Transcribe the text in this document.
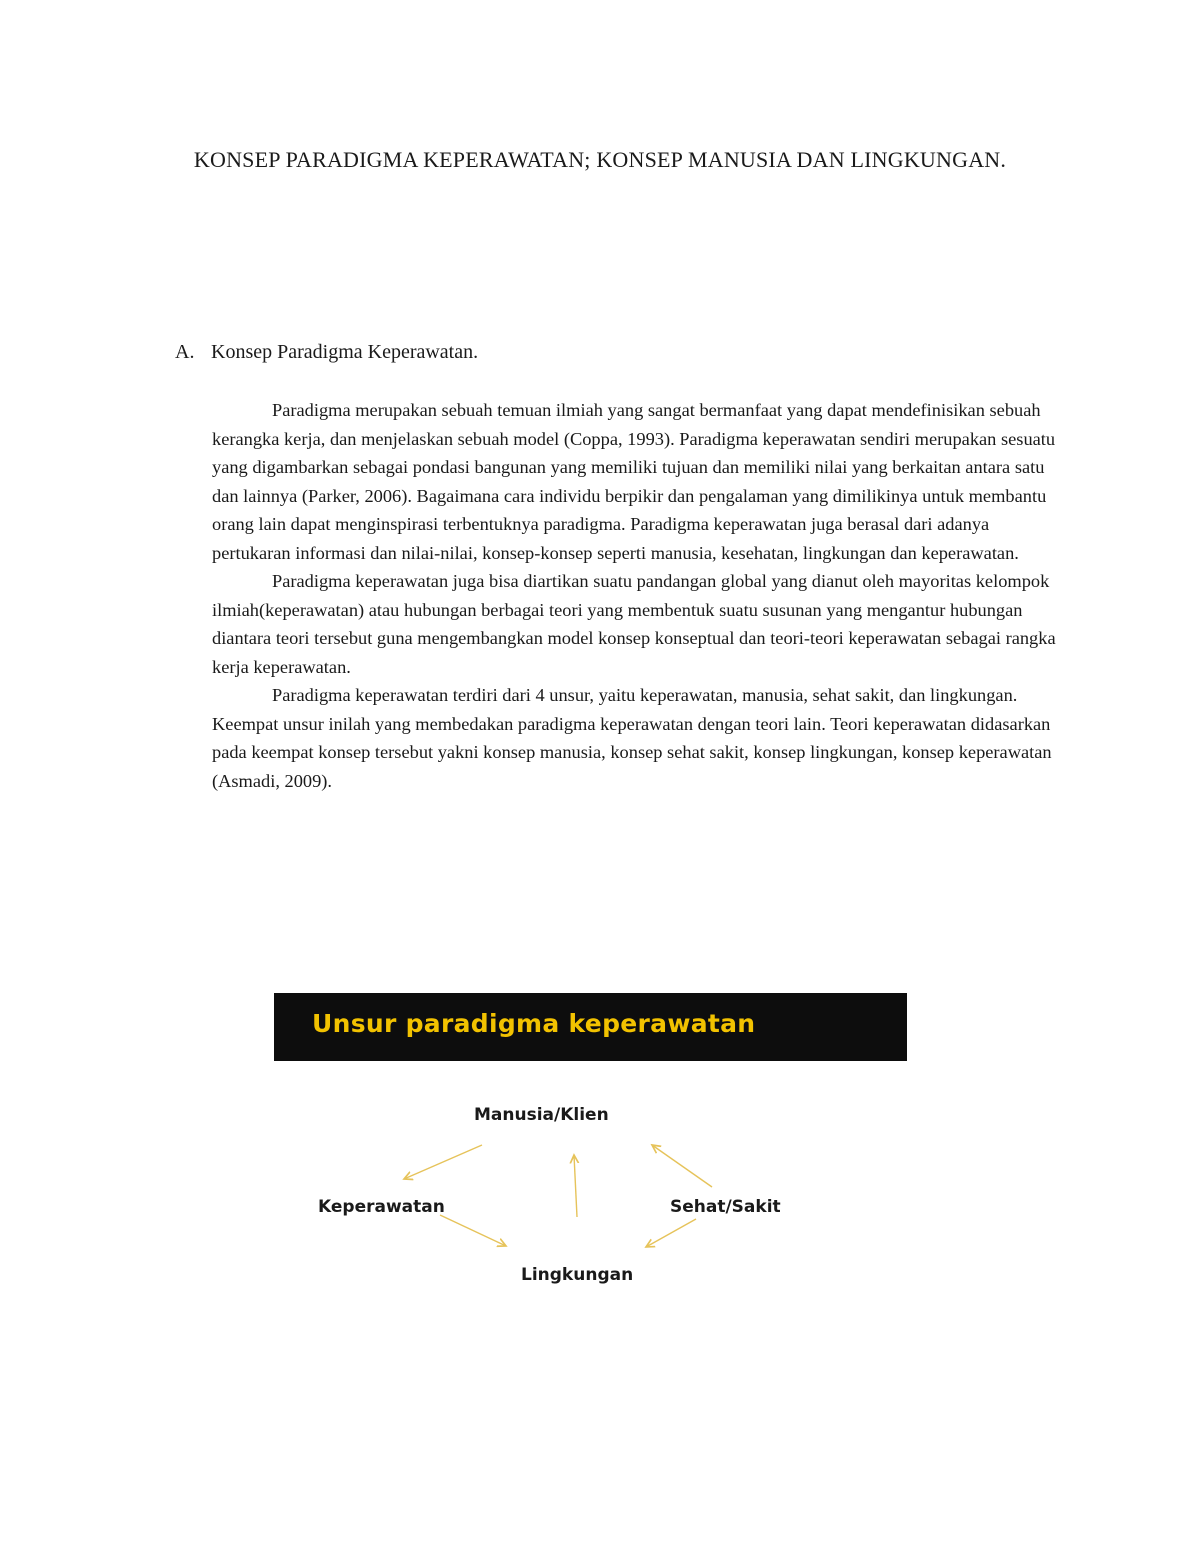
KONSEP PARADIGMA KEPERAWATAN; KONSEP MANUSIA DAN LINGKUNGAN.
A. Konsep Paradigma Keperawatan.

Paradigma merupakan sebuah temuan ilmiah yang sangat bermanfaat yang dapat mendefinisikan sebuah kerangka kerja, dan menjelaskan sebuah model (Coppa, 1993). Paradigma keperawatan sendiri merupakan sesuatu yang digambarkan sebagai pondasi bangunan yang memiliki tujuan dan memiliki nilai yang berkaitan antara satu dan lainnya (Parker, 2006). Bagaimana cara individu berpikir dan pengalaman yang dimilikinya untuk membantu orang lain dapat menginspirasi terbentuknya paradigma. Paradigma keperawatan juga berasal dari adanya pertukaran informasi dan nilai-nilai, konsep-konsep seperti manusia, kesehatan, lingkungan dan keperawatan.

Paradigma keperawatan juga bisa diartikan suatu pandangan global yang dianut oleh mayoritas kelompok ilmiah(keperawatan) atau hubungan berbagai teori yang membentuk suatu susunan yang mengantur hubungan diantara teori tersebut guna mengembangkan model konsep konseptual dan teori-teori keperawatan sebagai rangka kerja keperawatan.

Paradigma keperawatan terdiri dari 4 unsur, yaitu keperawatan, manusia, sehat sakit, dan lingkungan. Keempat unsur inilah yang membedakan paradigma keperawatan dengan teori lain. Teori keperawatan didasarkan pada keempat konsep tersebut yakni konsep manusia, konsep sehat sakit, konsep lingkungan, konsep keperawatan (Asmadi, 2009).

Unsur paradigma keperawatan
Manusia/Klien
Keperawatan	Sehat/Sakit
Lingkungan
